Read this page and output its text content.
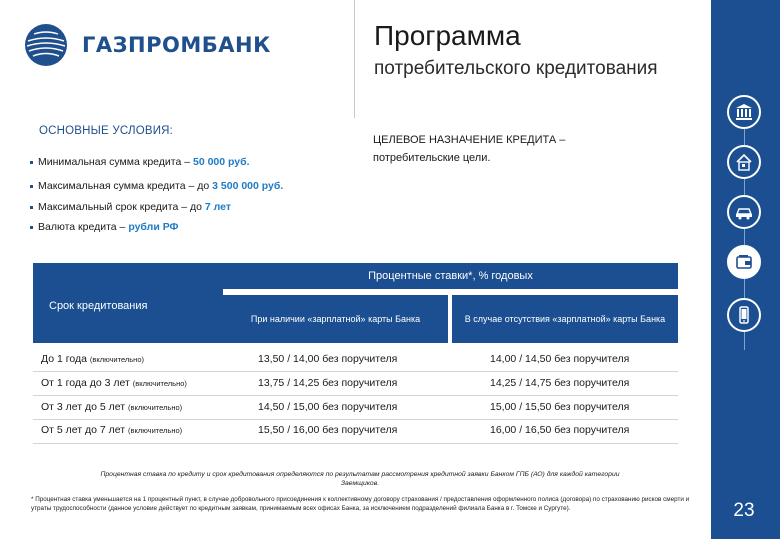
ГАЗПРОМБАНК	Программа
потребительского кредитования
23
ОСНОВНЫЕ УСЛОВИЯ:
ЦЕЛЕВОЕ НАЗНАЧЕНИЕ КРЕДИТА –
потребительские цели.
Минимальная сумма кредита – 50 000 руб.
Максимальная сумма кредита – до 3 500 000 руб.
Максимальный срок кредита – до 7 лет
Валюта кредита – рубли РФ
Срок кредитования
Процентные ставки*, % годовых
При наличии «зарплатной» карты Банка	В случае отсутствия «зарплатной» карты Банка
До 1 года (включительно)	13,50 / 14,00 без поручителя	14,00 / 14,50 без поручителя
От 1 года до 3 лет (включительно)	13,75 / 14,25 без поручителя	14,25 / 14,75 без поручителя
От 3 лет до 5 лет (включительно)	14,50 / 15,00 без поручителя	15,00 / 15,50 без поручителя
От 5 лет до 7 лет (включительно)	15,50 / 16,00 без поручителя	16,00 / 16,50 без поручителя
Процентная ставка по кредиту и срок кредитования определяются по результатам рассмотрения кредитной заявки Банком ГПБ (АО) для каждой категории Заемщиков.
* Процентная ставка уменьшается на 1 процентный пункт, в случае добровольного присоединения к коллективному договору страхования / предоставления оформленного полиса (договора) по страхованию рисков смерти и утраты трудоспособности (данное условие действует по кредитным заявкам, принимаемым всех офисах Банка, за исключением подразделений филиала Банка в г. Томске и Сургуте).
